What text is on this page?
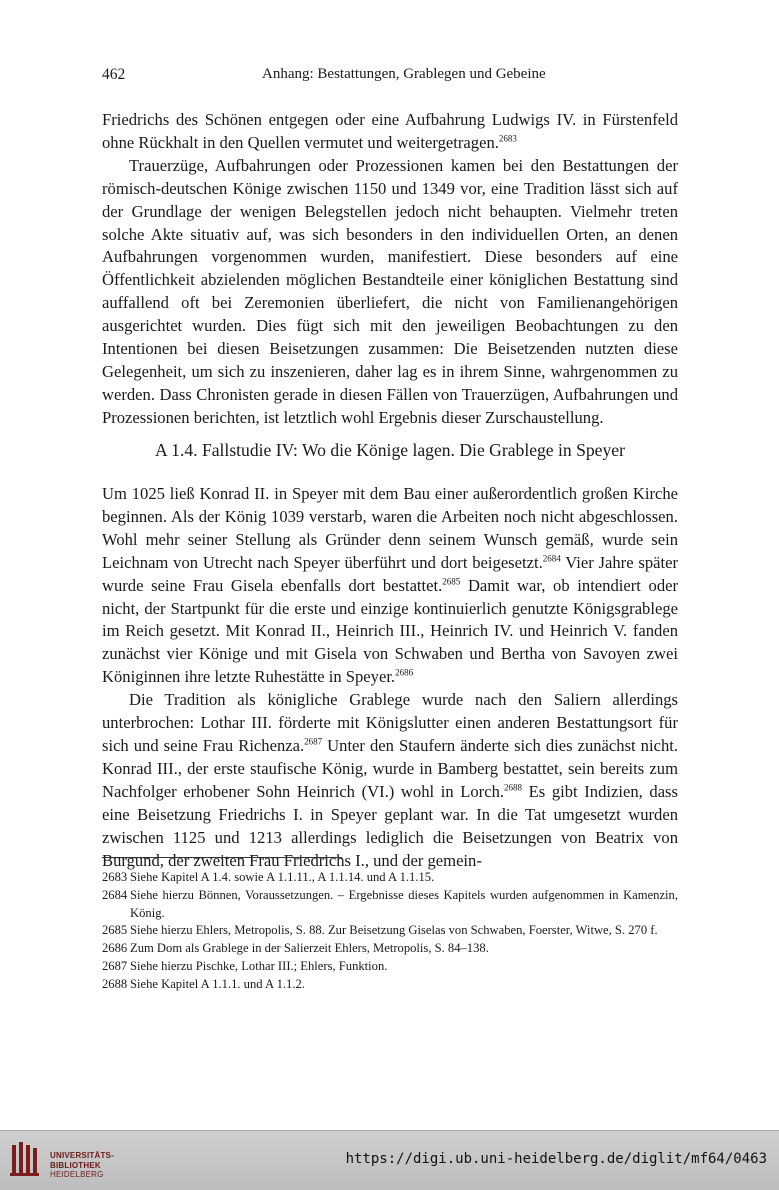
462	Anhang: Bestattungen, Grablegen und Gebeine

Friedrichs des Schönen entgegen oder eine Aufbahrung Ludwigs IV. in Fürstenfeld ohne Rückhalt in den Quellen vermutet und weitergetragen.$^{2683}$

Trauerzüge, Aufbahrungen oder Prozessionen kamen bei den Bestattungen der römisch-deutschen Könige zwischen 1150 und 1349 vor, eine Tradition lässt sich auf der Grundlage der wenigen Belegstellen jedoch nicht behaupten. Vielmehr treten solche Akte situativ auf, was sich besonders in den individuellen Orten, an denen Aufbahrungen vorgenommen wurden, manifestiert. Diese besonders auf eine Öffentlichkeit abzielenden möglichen Bestandteile einer königlichen Bestattung sind auffallend oft bei Zeremonien überliefert, die nicht von Familienangehörigen ausgerichtet wurden. Dies fügt sich mit den jeweiligen Beobachtungen zu den Intentionen bei diesen Beisetzungen zusammen: Die Beisetzenden nutzten diese Gelegenheit, um sich zu inszenieren, daher lag es in ihrem Sinne, wahrgenommen zu werden. Dass Chronisten gerade in diesen Fällen von Trauerzügen, Aufbahrungen und Prozessionen berichten, ist letztlich wohl Ergebnis dieser Zurschaustellung.

A 1.4. Fallstudie IV: Wo die Könige lagen. Die Grablege in Speyer

Um 1025 ließ Konrad II. in Speyer mit dem Bau einer außerordentlich großen Kirche beginnen. Als der König 1039 verstarb, waren die Arbeiten noch nicht abgeschlossen. Wohl mehr seiner Stellung als Gründer denn seinem Wunsch gemäß, wurde sein Leichnam von Utrecht nach Speyer überführt und dort beigesetzt.$^{2684}$ Vier Jahre später wurde seine Frau Gisela ebenfalls dort bestattet.$^{2685}$ Damit war, ob intendiert oder nicht, der Startpunkt für die erste und einzige kontinuierlich genutzte Königsgrablege im Reich gesetzt. Mit Konrad II., Heinrich III., Heinrich IV. und Heinrich V. fanden zunächst vier Könige und mit Gisela von Schwaben und Bertha von Savoyen zwei Königinnen ihre letzte Ruhestätte in Speyer.$^{2686}$

Die Tradition als königliche Grablege wurde nach den Saliern allerdings unterbrochen: Lothar III. förderte mit Königslutter einen anderen Bestattungsort für sich und seine Frau Richenza.$^{2687}$ Unter den Staufern änderte sich dies zunächst nicht. Konrad III., der erste staufische König, wurde in Bamberg bestattet, sein bereits zum Nachfolger erhobener Sohn Heinrich (VI.) wohl in Lorch.$^{2688}$ Es gibt Indizien, dass eine Beisetzung Friedrichs I. in Speyer geplant war. In die Tat umgesetzt wurden zwischen 1125 und 1213 allerdings lediglich die Beisetzungen von Beatrix von Burgund, der zweiten Frau Friedrichs I., und der gemein-

2683 Siehe Kapitel A 1.4. sowie A 1.1.11., A 1.1.14. und A 1.1.15.
2684 Siehe hierzu Bönnen, Voraussetzungen. – Ergebnisse dieses Kapitels wurden aufgenommen in Kamenzin, König.
2685 Siehe hierzu Ehlers, Metropolis, S. 88. Zur Beisetzung Giselas von Schwaben, Foerster, Witwe, S. 270 f.
2686 Zum Dom als Grablege in der Salierzeit Ehlers, Metropolis, S. 84–138.
2687 Siehe hierzu Pischke, Lothar III.; Ehlers, Funktion.
2688 Siehe Kapitel A 1.1.1. und A 1.1.2.
UNIVERSITÄTS-
BIBLIOTHEK
HEIDELBERG
https://digi.ub.uni-heidelberg.de/diglit/mf64/0463
